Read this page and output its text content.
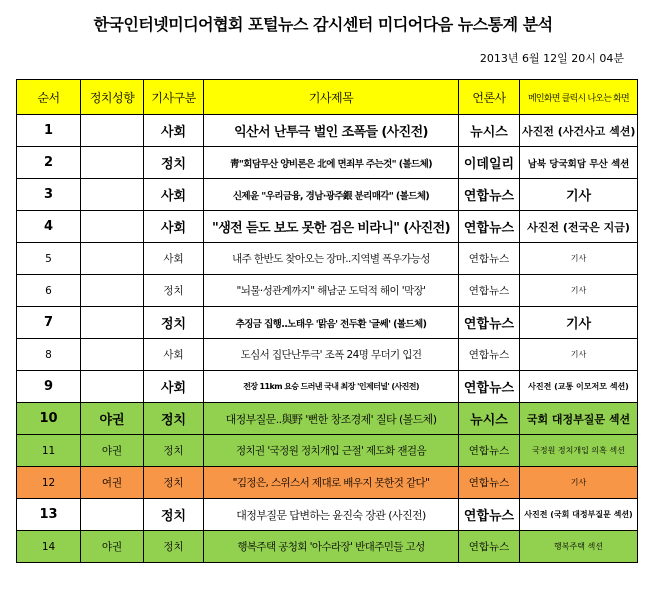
한국인터넷미디어협회 포털뉴스 감시센터 미디어다음 뉴스통계 분석
2013년 6월 12일 20시 04분
순서	정치성향	기사구분	기사제목	언론사	메인화면 클릭시 나오는 화면
1		사회	익산서 난투극 벌인 조폭들 (사진전)	뉴시스	사진전 (사건사고 섹션)
2		정치	靑"회담무산 양비론은 北에 면죄부 주는것" (볼드체)	이데일리	남북 당국회담 무산 섹션
3		사회	신제윤 "우리금융, 경남·광주銀 분리매각" (볼드체)	연합뉴스	기사
4		사회	"생전 듣도 보도 못한 검은 비라니" (사진전)	연합뉴스	사진전 (전국은 지금)
5		사회	내주 한반도 찾아오는 장마..지역별 폭우가능성	연합뉴스	기사
6		정치	"뇌물·성관계까지" 해남군 도덕적 해이 '막장'	연합뉴스	기사
7		정치	추징금 집행..노태우 '맑음' 전두환 '글쎄' (볼드체)	연합뉴스	기사
8		사회	도심서 집단난투극' 조폭 24명 무더기 입건	연합뉴스	기사
9		사회	전장 11km 요승 드러낸 국내 최장 '인제터널' (사진전)	연합뉴스	사진전 (교통 이모저모 섹션)
10	야권	정치	대정부질문..與野 '뻔한 창조경제' 질타 (볼드체)	뉴시스	국회 대정부질문 섹션
11	야권	정치	정치권 '국정원 정치개입 근절' 제도화 잰걸음	연합뉴스	국정원 정치개입 의혹 섹션
12	여권	정치	"김정은, 스위스서 제대로 배우지 못한것 같다"	연합뉴스	기사
13		정치	대정부질문 답변하는 윤진숙 장관 (사진전)	연합뉴스	사진전 (국회 대정부질문 섹션)
14	야권	정치	행복주택 공청회 '아수라장' 반대주민들 고성	연합뉴스	행복주택 섹션
